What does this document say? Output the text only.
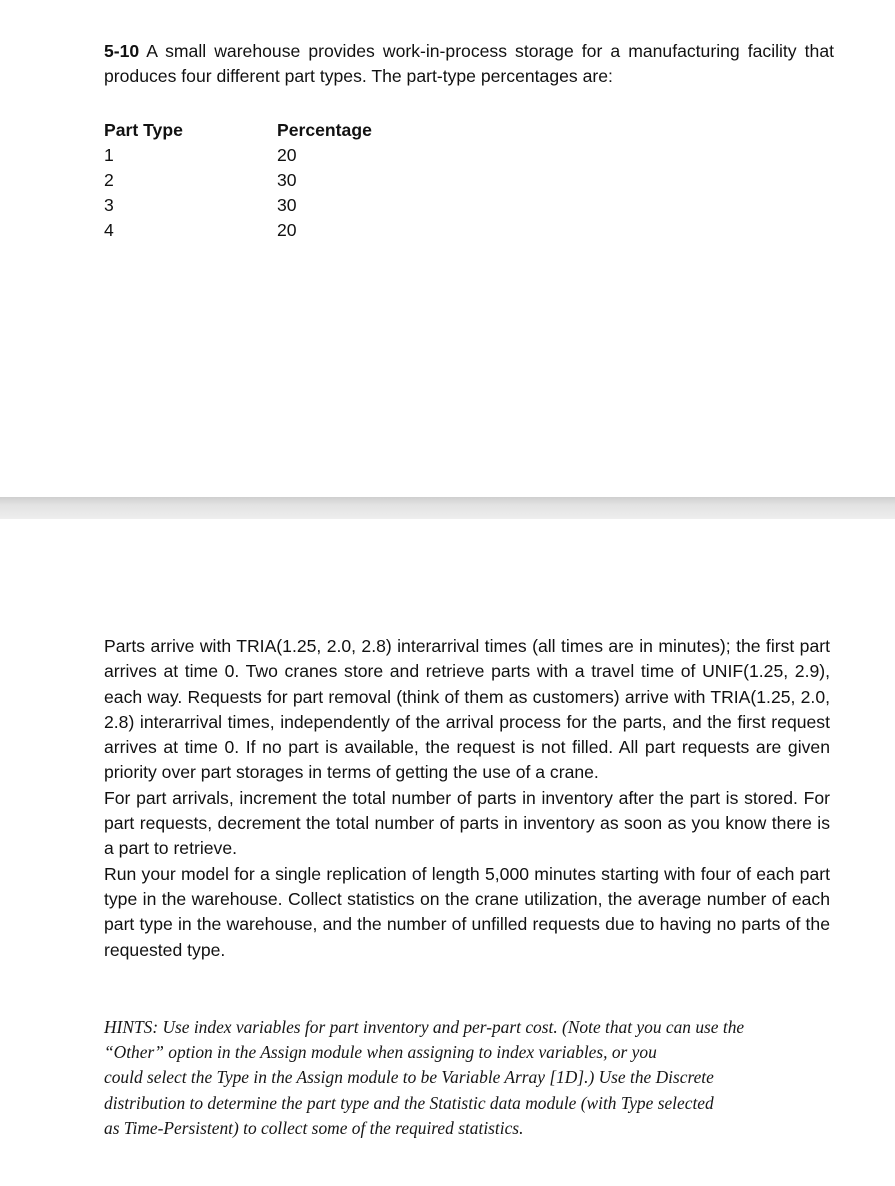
5-10 A small warehouse provides work-in-process storage for a manufacturing facility that produces four different part types. The part-type percentages are:

Part Type	Percentage
1	20
2	30
3	30
4	20

Parts arrive with TRIA(1.25, 2.0, 2.8) interarrival times (all times are in minutes); the first part arrives at time 0. Two cranes store and retrieve parts with a travel time of UNIF(1.25, 2.9), each way. Requests for part removal (think of them as customers) arrive with TRIA(1.25, 2.0, 2.8) interarrival times, independently of the arrival process for the parts, and the first request arrives at time 0. If no part is available, the request is not filled. All part requests are given priority over part storages in terms of getting the use of a crane.

For part arrivals, increment the total number of parts in inventory after the part is stored. For part requests, decrement the total number of parts in inventory as soon as you know there is a part to retrieve.

Run your model for a single replication of length 5,000 minutes starting with four of each part type in the warehouse. Collect statistics on the crane utilization, the average number of each part type in the warehouse, and the number of unfilled requests due to having no parts of the requested type.

HINTS: Use index variables for part inventory and per-part cost. (Note that you can use the
“Other” option in the Assign module when assigning to index variables, or you
could select the Type in the Assign module to be Variable Array [1D].) Use the Discrete
distribution to determine the part type and the Statistic data module (with Type selected
as Time-Persistent) to collect some of the required statistics.
